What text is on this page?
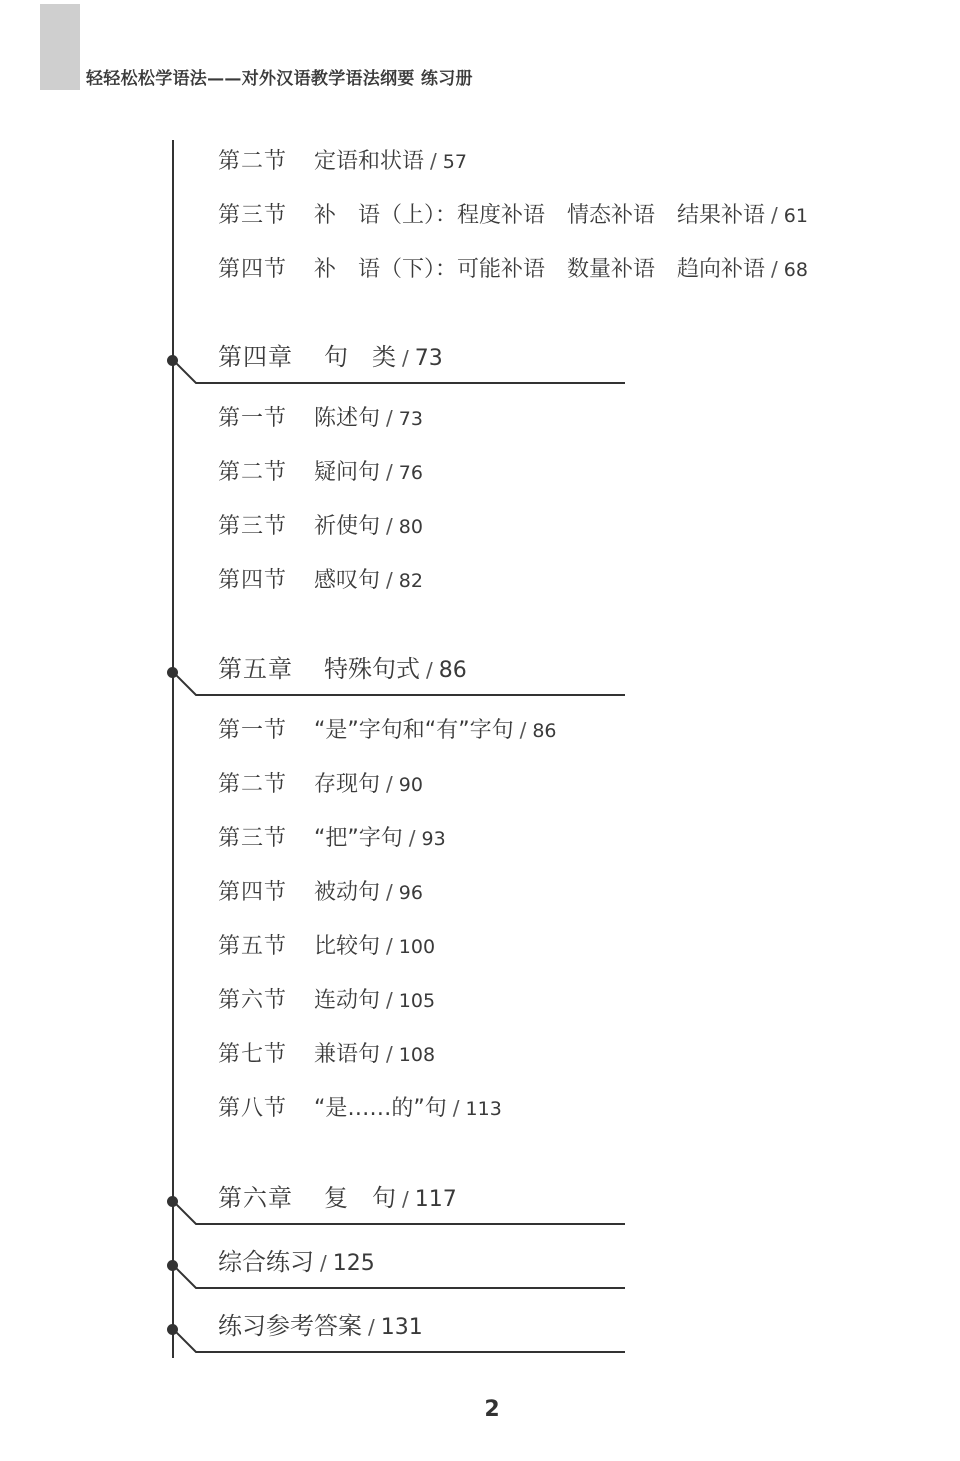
轻轻松松学语法——对外汉语教学语法纲要 练习册
第二节 定语和状语 / 57
第三节 补　语（上）：程度补语　情态补语　结果补语 / 61
第四节 补　语（下）：可能补语　数量补语　趋向补语 / 68
第四章 句　类 / 73
第一节 陈述句 / 73
第二节 疑问句 / 76
第三节 祈使句 / 80
第四节 感叹句 / 82
第五章 特殊句式 / 86
第一节 “是”字句和“有”字句 / 86
第二节 存现句 / 90
第三节 “把”字句 / 93
第四节 被动句 / 96
第五节 比较句 / 100
第六节 连动句 / 105
第七节 兼语句 / 108
第八节 “是……的”句 / 113
第六章 复　句 / 117
综合练习 / 125
练习参考答案 / 131
2
